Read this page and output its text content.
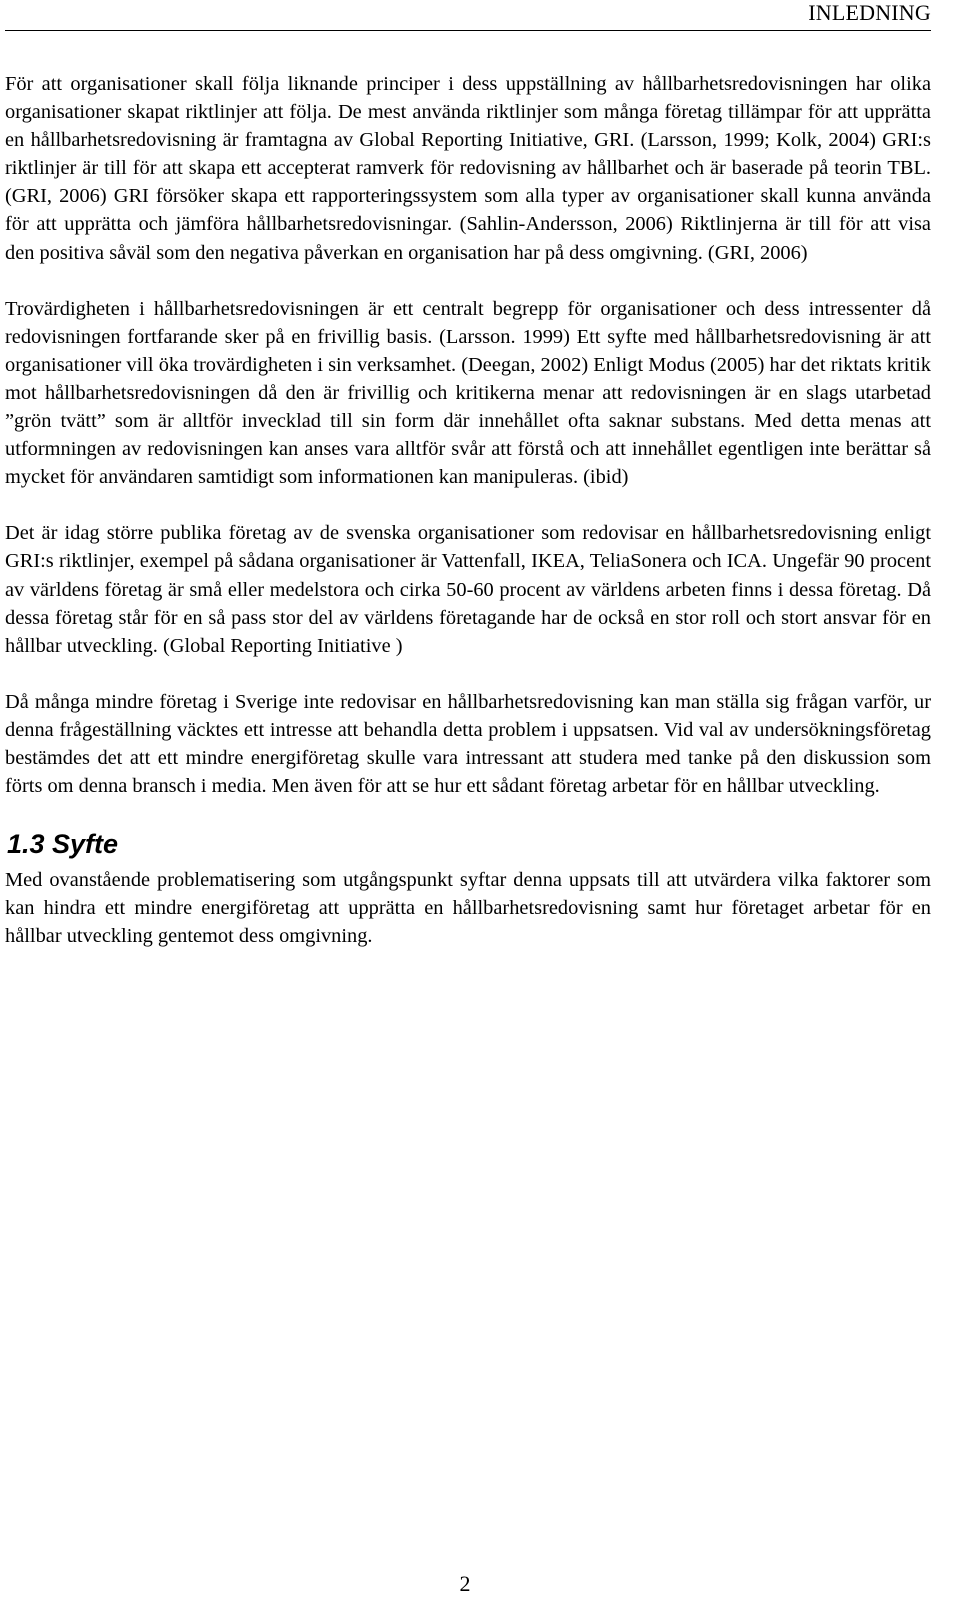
INLEDNING

För att organisationer skall följa liknande principer i dess uppställning av hållbarhetsredovisningen har olika organisationer skapat riktlinjer att följa. De mest använda riktlinjer som många företag tillämpar för att upprätta en hållbarhetsredovisning är framtagna av Global Reporting Initiative, GRI. (Larsson, 1999; Kolk, 2004) GRI:s riktlinjer är till för att skapa ett accepterat ramverk för redovisning av hållbarhet och är baserade på teorin TBL. (GRI, 2006) GRI försöker skapa ett rapporteringssystem som alla typer av organisationer skall kunna använda för att upprätta och jämföra hållbarhetsredovisningar. (Sahlin-Andersson, 2006) Riktlinjerna är till för att visa den positiva såväl som den negativa påverkan en organisation har på dess omgivning. (GRI, 2006)

Trovärdigheten i hållbarhetsredovisningen är ett centralt begrepp för organisationer och dess intressenter då redovisningen fortfarande sker på en frivillig basis. (Larsson. 1999) Ett syfte med hållbarhetsredovisning är att organisationer vill öka trovärdigheten i sin verksamhet. (Deegan, 2002) Enligt Modus (2005) har det riktats kritik mot hållbarhetsredovisningen då den är frivillig och kritikerna menar att redovisningen är en slags utarbetad ”grön tvätt” som är alltför invecklad till sin form där innehållet ofta saknar substans. Med detta menas att utformningen av redovisningen kan anses vara alltför svår att förstå och att innehållet egentligen inte berättar så mycket för användaren samtidigt som informationen kan manipuleras. (ibid)

Det är idag större publika företag av de svenska organisationer som redovisar en hållbarhetsredovisning enligt GRI:s riktlinjer, exempel på sådana organisationer är Vattenfall, IKEA, TeliaSonera och ICA. Ungefär 90 procent av världens företag är små eller medelstora och cirka 50-60 procent av världens arbeten finns i dessa företag. Då dessa företag står för en så pass stor del av världens företagande har de också en stor roll och stort ansvar för en hållbar utveckling. (Global Reporting Initiative )

Då många mindre företag i Sverige inte redovisar en hållbarhetsredovisning kan man ställa sig frågan varför, ur denna frågeställning väcktes ett intresse att behandla detta problem i uppsatsen. Vid val av undersökningsföretag bestämdes det att ett mindre energiföretag skulle vara intressant att studera med tanke på den diskussion som förts om denna bransch i media. Men även för att se hur ett sådant företag arbetar för en hållbar utveckling.

1.3 Syfte

Med ovanstående problematisering som utgångspunkt syftar denna uppsats till att utvärdera vilka faktorer som kan hindra ett mindre energiföretag att upprätta en hållbarhetsredovisning samt hur företaget arbetar för en hållbar utveckling gentemot dess omgivning.

2
